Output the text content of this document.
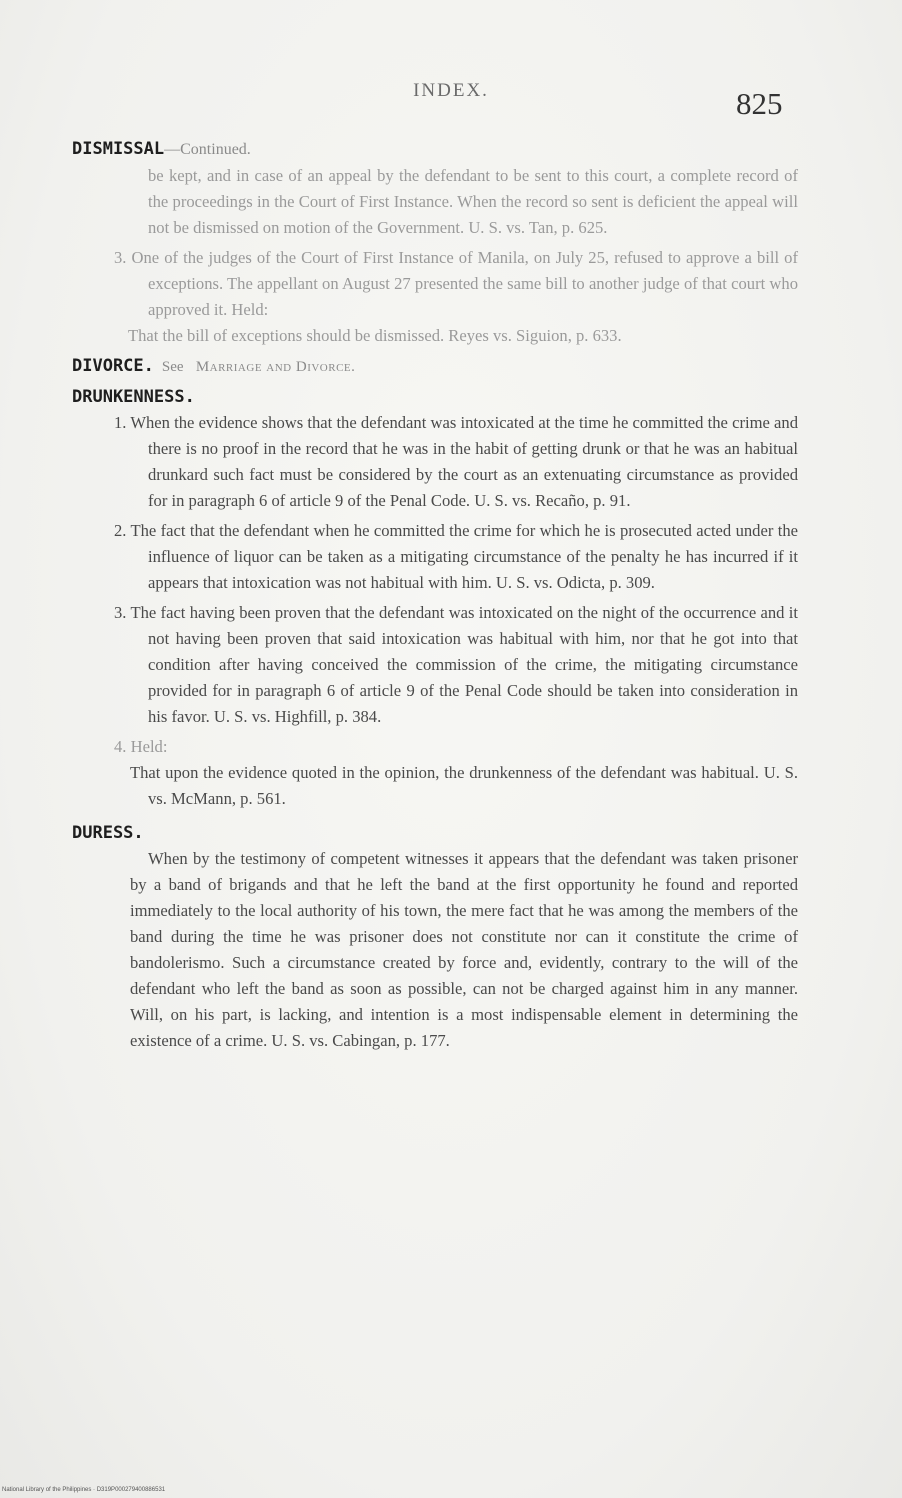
INDEX.	825
DISMISSAL—Continued.

be kept, and in case of an appeal by the defendant to be sent to this court, a complete record of the proceedings in the Court of First Instance. When the record so sent is deficient the appeal will not be dismissed on motion of the Government. U. S. vs. Tan, p. 625.

3. One of the judges of the Court of First Instance of Manila, on July 25, refused to approve a bill of exceptions. The appellant on August 27 presented the same bill to another judge of that court who approved it. Held:

That the bill of exceptions should be dismissed. Reyes vs. Siguion, p. 633.

DIVORCE. See Marriage and Divorce.
DRUNKENNESS.

1. When the evidence shows that the defendant was intoxicated at the time he committed the crime and there is no proof in the record that he was in the habit of getting drunk or that he was an habitual drunkard such fact must be considered by the court as an extenuating circumstance as provided for in paragraph 6 of article 9 of the Penal Code. U. S. vs. Recaño, p. 91.

2. The fact that the defendant when he committed the crime for which he is prosecuted acted under the influence of liquor can be taken as a mitigating circumstance of the penalty he has incurred if it appears that intoxication was not habitual with him. U. S. vs. Odicta, p. 309.

3. The fact having been proven that the defendant was intoxicated on the night of the occurrence and it not having been proven that said intoxication was habitual with him, nor that he got into that condition after having conceived the commission of the crime, the mitigating circumstance provided for in paragraph 6 of article 9 of the Penal Code should be taken into consideration in his favor. U. S. vs. Highfill, p. 384.

4. Held:

That upon the evidence quoted in the opinion, the drunkenness of the defendant was habitual. U. S. vs. McMann, p. 561.

DURESS.

When by the testimony of competent witnesses it appears that the defendant was taken prisoner by a band of brigands and that he left the band at the first opportunity he found and reported immediately to the local authority of his town, the mere fact that he was among the members of the band during the time he was prisoner does not constitute nor can it constitute the crime of bandolerismo. Such a circumstance created by force and, evidently, contrary to the will of the defendant who left the band as soon as possible, can not be charged against him in any manner. Will, on his part, is lacking, and intention is a most indispensable element in determining the existence of a crime. U. S. vs. Cabingan, p. 177.

National Library of the Philippines · D319P000279400886531
